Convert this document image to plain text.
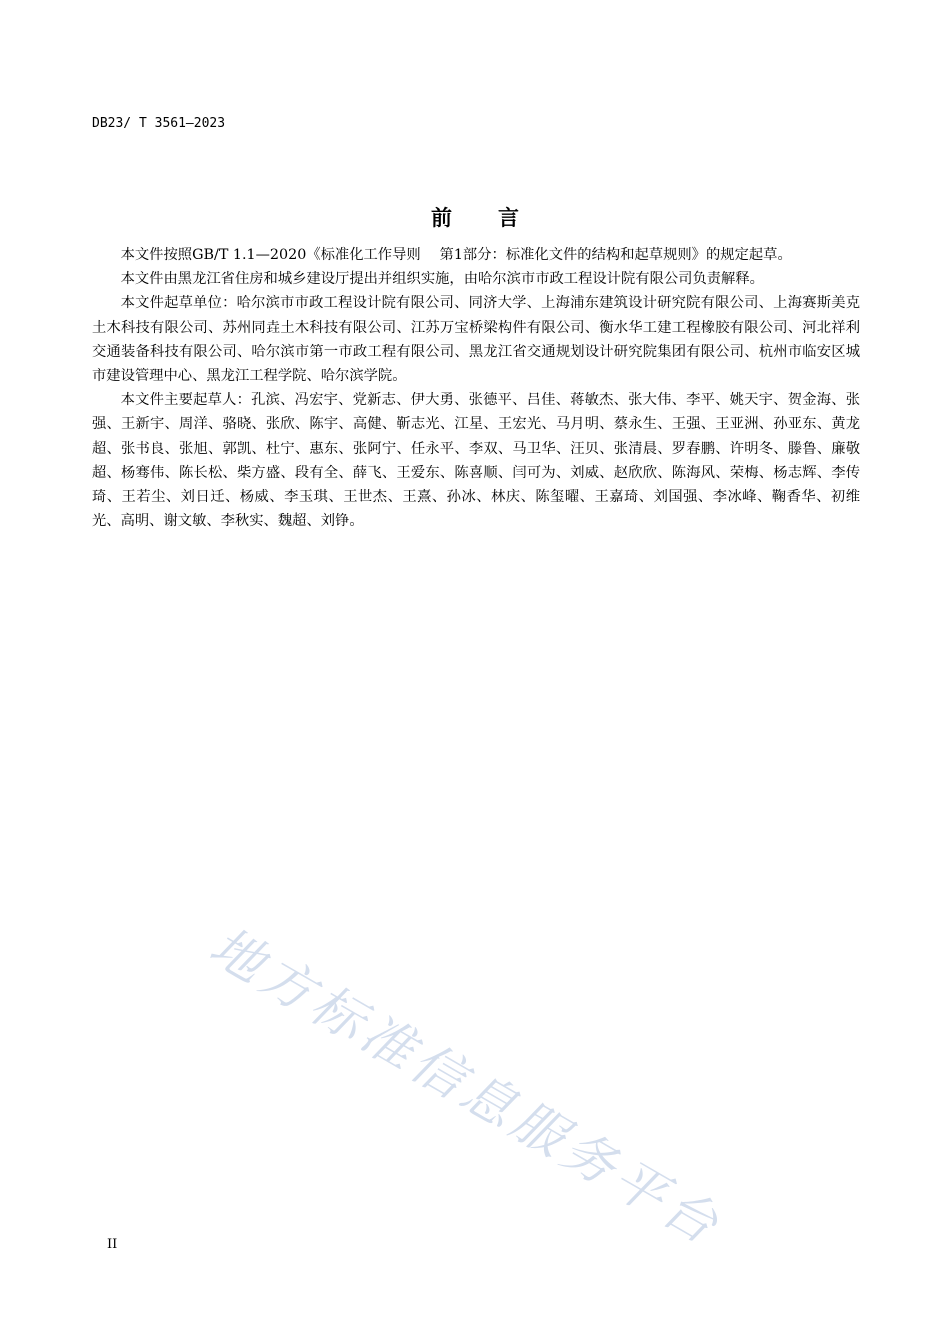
DB23/ T 3561—2023
前言

本文件按照GB/T 1.1—2020《标准化工作导则　 第1部分：标准化文件的结构和起草规则》的规定起草。

本文件由黑龙江省住房和城乡建设厅提出并组织实施，由哈尔滨市市政工程设计院有限公司负责解释。

本文件起草单位：哈尔滨市市政工程设计院有限公司、同济大学、上海浦东建筑设计研究院有限公司、上海赛斯美克土木科技有限公司、苏州同垚土木科技有限公司、江苏万宝桥梁构件有限公司、衡水华工建工程橡胶有限公司、河北祥利交通装备科技有限公司、哈尔滨市第一市政工程有限公司、黑龙江省交通规划设计研究院集团有限公司、杭州市临安区城市建设管理中心、黑龙江工程学院、哈尔滨学院。

本文件主要起草人：孔滨、冯宏宇、党新志、伊大勇、张德平、吕佳、蒋敏杰、张大伟、李平、姚天宇、贺金海、张强、王新宇、周洋、骆晓、张欣、陈宇、高健、靳志光、江星、王宏光、马月明、蔡永生、王强、王亚洲、孙亚东、黄龙超、张书良、张旭、郭凯、杜宁、惠东、张阿宁、任永平、李双、马卫华、汪贝、张清晨、罗春鹏、许明冬、滕鲁、廉敬超、杨骞伟、陈长松、柴方盛、段有全、薛飞、王爱东、陈喜顺、闫可为、刘威、赵欣欣、陈海风、荣梅、杨志辉、李传琦、王若尘、刘日迁、杨威、李玉琪、王世杰、王熹、孙冰、林庆、陈玺曜、王嘉琦、刘国强、李冰峰、鞠香华、初维光、高明、谢文敏、李秋实、魏超、刘铮。

地方标准信息服务平台
II
